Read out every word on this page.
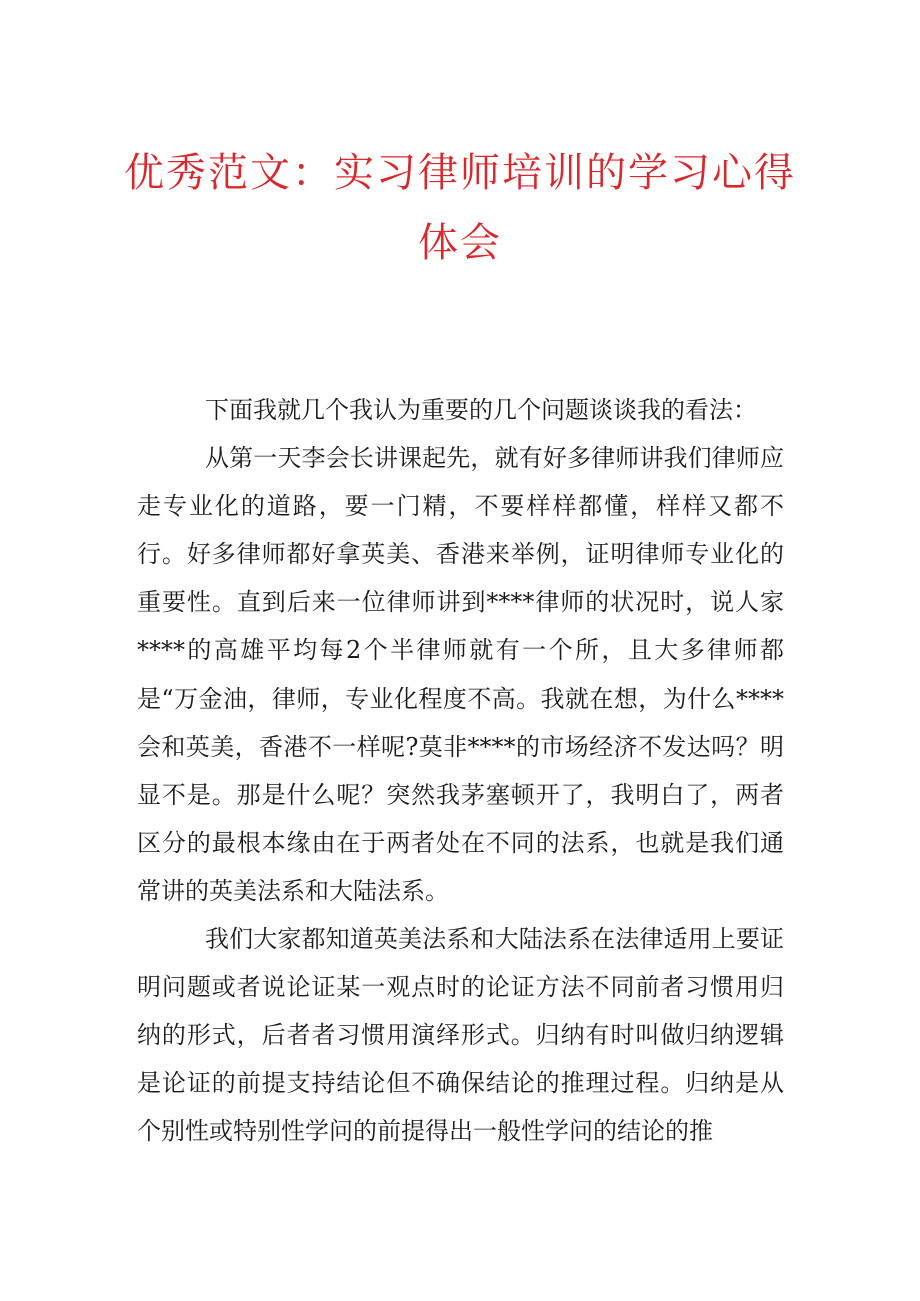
优秀范文：实习律师培训的学习心得体会

下面我就几个我认为重要的几个问题谈谈我的看法：

从第一天李会长讲课起先，就有好多律师讲我们律师应走专业化的道路，要一门精，不要样样都懂，样样又都不行。好多律师都好拿英美、香港来举例，证明律师专业化的重要性。直到后来一位律师讲到****律师的状况时，说人家****的高雄平均每2个半律师就有一个所，且大多律师都是“万金油，律师，专业化程度不高。我就在想，为什么****会和英美，香港不一样呢?莫非****的市场经济不发达吗？明显不是。那是什么呢？突然我茅塞顿开了，我明白了，两者区分的最根本缘由在于两者处在不同的法系，也就是我们通常讲的英美法系和大陆法系。

我们大家都知道英美法系和大陆法系在法律适用上要证明问题或者说论证某一观点时的论证方法不同前者习惯用归纳的形式，后者者习惯用演绎形式。归纳有时叫做归纳逻辑是论证的前提支持结论但不确保结论的推理过程。归纳是从个别性或特别性学问的前提得出一般性学问的结论的推
